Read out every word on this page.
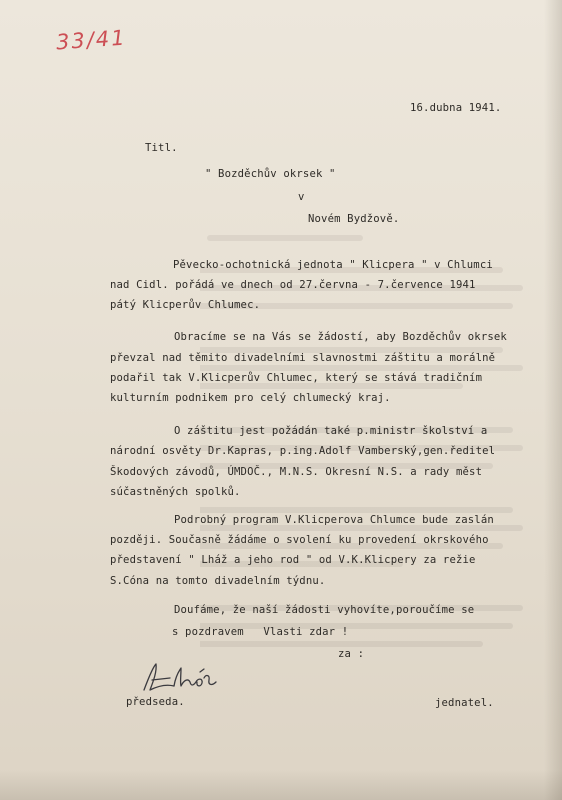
33/41
16.dubna 1941.
Titl.
" Bozděchův okrsek "
v
Novém Bydžově.
Pěvecko-ochotnická jednota " Klicpera " v Chlumci
nad Cidl. pořádá ve dnech od 27.června - 7.července 1941
pátý Klicperův Chlumec.
Obracíme se na Vás se žádostí, aby Bozděchův okrsek
převzal nad těmito divadelními slavnostmi záštitu a morálně
podařil tak V.Klicperův Chlumec, který se stává tradičním
kulturním podnikem pro celý chlumecký kraj.
O záštitu jest požádán také p.ministr školství a
národní osvěty Dr.Kapras, p.ing.Adolf Vamberský,gen.ředitel
Škodových závodů, ÚMDOČ., M.N.S. Okresní N.S. a rady měst
súčastněných spolků.
Podrobný program V.Klicperova Chlumce bude zaslán
později. Současně žádáme o svolení ku provedení okrskového
představení " Lháž a jeho rod " od V.K.Klicpery za režie
S.Cóna na tomto divadelním týdnu.
Doufáme, že naší žádosti vyhovíte,poroučíme se
s pozdravem   Vlasti zdar !
za :
předseda.	jednatel.
